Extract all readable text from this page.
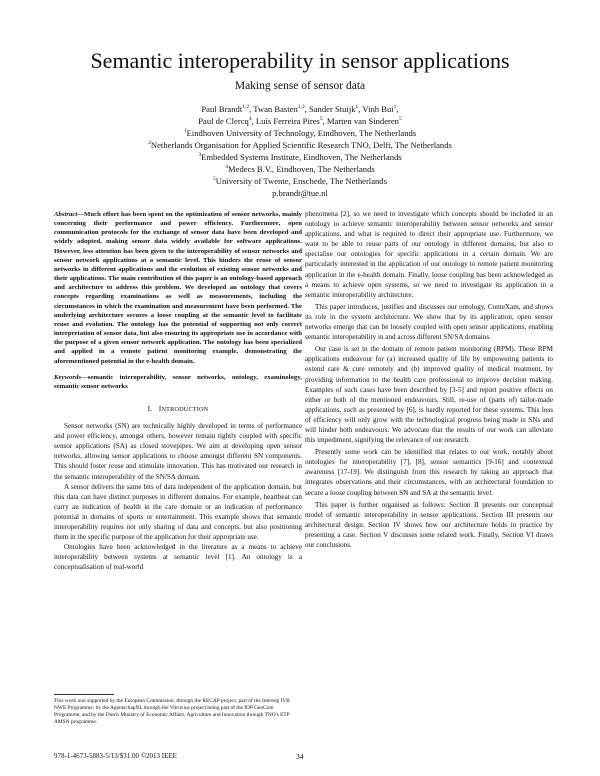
Semantic interoperability in sensor applications
Making sense of sensor data
Paul Brandt$^{1,2}$, Twan Basten$^{1,3}$, Sander Stuijk$^1$, Vinh Bui$^1$,
Paul de Clercq$^4$, Luís Ferreira Pires$^5$, Marten van Sinderen$^5$
$^1$Eindhoven University of Technology, Eindhoven, The Netherlands
$^2$Netherlands Organisation for Applied Scientific Research TNO, Delft, The Netherlands
$^3$Embedded Systems Institute, Eindhoven, The Netherlands
$^4$Medecs B.V., Eindhoven, The Netherlands
$^5$University of Twente, Enschede, The Netherlands
p.brandt@tue.nl
Abstract—Much effort has been spent on the optimization of sensor networks, mainly concerning their performance and power efficiency. Furthermore, open communication protocols for the exchange of sensor data have been developed and widely adopted, making sensor data widely available for software applications. However, less attention has been given to the interoperability of sensor networks and sensor network applications at a semantic level. This hinders the reuse of sensor networks in different applications and the evolution of existing sensor networks and their applications. The main contribution of this paper is an ontology-based approach and architecture to address this problem. We developed an ontology that covers concepts regarding examinations as well as measurements, including the circumstances in which the examination and measurement have been performed. The underlying architecture secures a loose coupling at the semantic level to facilitate reuse and evolution. The ontology has the potential of supporting not only correct interpretation of sensor data, but also ensuring its appropriate use in accordance with the purpose of a given sensor network application. The ontology has been specialized and applied in a remote patient monitoring example, demonstrating the aforementioned potential in the e-health domain.
Keywords—semantic interoperability, sensor networks, ontology, examinology, semantic sensor networks
I. INTRODUCTION

Sensor networks (SN) are technically highly developed in terms of performance and power efficiency, amongst others, however remain tightly coupled with specific sensor applications (SA) as closed stovepipes. We aim at developing open sensor networks, allowing sensor applications to choose amongst different SN components. This should foster reuse and stimulate innovation. This has motivated our research in the semantic interoperability of the SN/SA domain.

A sensor delivers the same bits of data independent of the application domain, but this data can have distinct purposes in different domains. For example, heartbeat can carry an indication of health in the care domain or an indication of performance potential in domains of sports or entertainment. This example shows that semantic interoperability requires not only sharing of data and concepts, but also positioning them in the specific purpose of the application for their appropriate use.

Ontologies have been acknowledged in the literature as a means to achieve interoperability between systems at semantic level [1]. An ontology is a conceptualisation of real-world

phenomena [2], so we need to investigate which concepts should be included in an ontology to achieve semantic interoperability between sensor networks and sensor applications, and what is required to direct their appropriate use. Furthermore, we want to be able to reuse parts of our ontology in different domains, but also to specialise our ontologies for specific applications in a certain domain. We are particularly interested in the application of our ontology to remote patient monitoring application in the e-health domain. Finally, loose coupling has been acknowledged as a means to achieve open systems, so we need to investigate its application in a semantic interoperability architecture.

This paper introduces, justifies and discusses our ontology, ConteXam, and shows its role in the system architecture. We show that by its application, open sensor networks emerge that can be loosely coupled with open sensor applications, enabling semantic interoperability in and across different SN/SA domains.

Our case is set in the domain of remote patient monitoring (RPM). These RPM applications endeavour for (a) increased quality of life by empowering patients to extend care & cure remotely and (b) improved quality of medical treatment, by providing information to the health care professional to improve decision making. Examples of such cases have been described by [3-5] and report positive effects on either or both of the mentioned endeavours. Still, re-use of (parts of) tailor-made applications, such as presented by [6], is hardly reported for these systems. This loss of efficiency will only grow with the technological progress being made in SNs and will hinder both endeavours. We advocate that the results of our work can alleviate this impediment, signifying the relevance of our research.

Presently some work can be identified that relates to our work, notably about ontologies for interoperability [7], [8], sensor semantics [9-16] and contextual awareness [17-19]. We distinguish from this research by taking an approach that integrates observations and their circumstances, with an architectural foundation to secure a loose coupling between SN and SA at the semantic level.

This paper is further organised as follows: Section II presents our conceptual model of semantic interoperability in sensor applications. Section III presents our architectural design. Section IV shows how our architecture holds in practice by presenting a case. Section V discusses some related work. Finally, Section VI draws our conclusions.

This work was supported by the European Commission, through the RECAP project, part of the Interreg IVB NWE Programme; by the AgentschapNL through the Vitruvius project being part of the IOP GenCom Programme; and by the Dutch Ministry of Economic Affairs, Agriculture and Innovation through TNO's ETP AMSN programme.
978-1-4673-5883-5/13/$31.00 ©2013 IEEE	34
